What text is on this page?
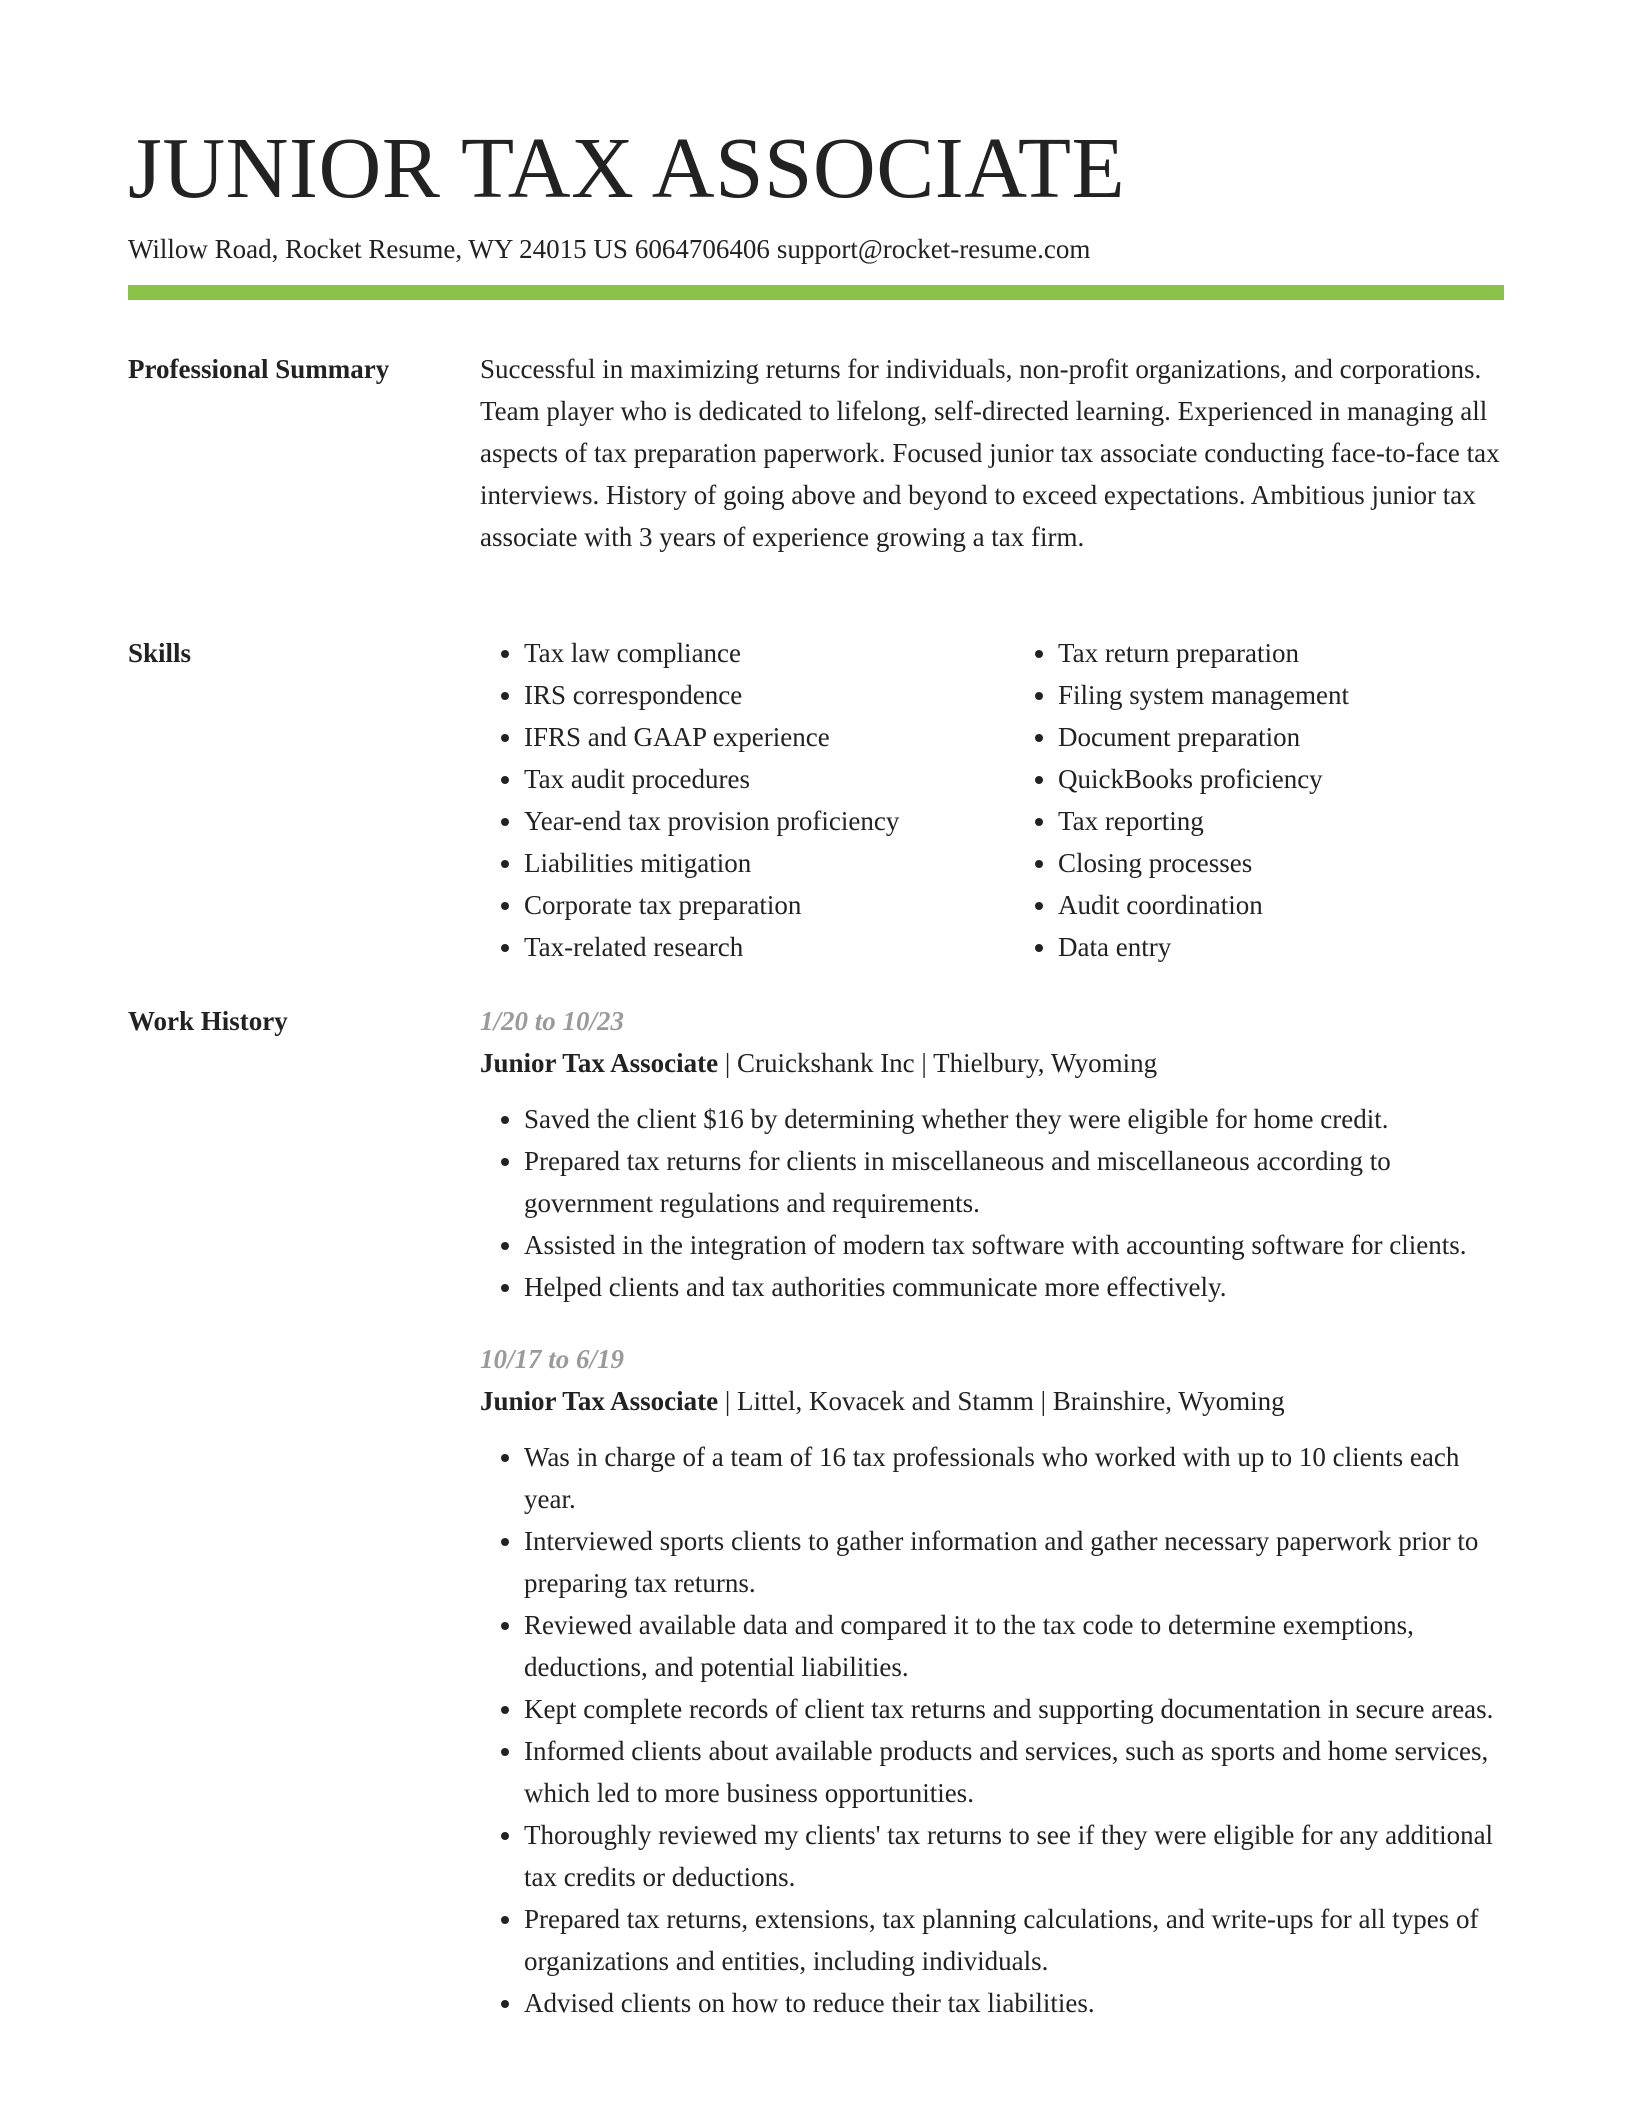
JUNIOR TAX ASSOCIATE
Willow Road, Rocket Resume, WY 24015 US 6064706406 support@rocket-resume.com
Professional Summary	Successful in maximizing returns for individuals, non-profit organizations, and corporations. Team player who is dedicated to lifelong, self-directed learning. Experienced in managing all aspects of tax preparation paperwork. Focused junior tax associate conducting face-to-face tax interviews. History of going above and beyond to exceed expectations. Ambitious junior tax associate with 3 years of experience growing a tax firm.

Skills
•	Tax law compliance
• IRS correspondence
• IFRS and GAAP experience
• Tax audit procedures
• Year-end tax provision proficiency
• Liabilities mitigation
• Corporate tax preparation
• Tax-related research
• Tax return preparation
• Filing system management
• Document preparation
• QuickBooks proficiency
• Tax reporting
• Closing processes
• Audit coordination
• Data entry
Work History	1/20 to 10/23
Junior Tax Associate | Cruickshank Inc | Thielbury, Wyoming
• Saved the client $16 by determining whether they were eligible for home credit.
• Prepared tax returns for clients in miscellaneous and miscellaneous according to government regulations and requirements.
• Assisted in the integration of modern tax software with accounting software for clients.
• Helped clients and tax authorities communicate more effectively.
10/17 to 6/19
Junior Tax Associate | Littel, Kovacek and Stamm | Brainshire, Wyoming
• Was in charge of a team of 16 tax professionals who worked with up to 10 clients each year.
• Interviewed sports clients to gather information and gather necessary paperwork prior to preparing tax returns.
• Reviewed available data and compared it to the tax code to determine exemptions, deductions, and potential liabilities.
• Kept complete records of client tax returns and supporting documentation in secure areas.
• Informed clients about available products and services, such as sports and home services, which led to more business opportunities.
• Thoroughly reviewed my clients' tax returns to see if they were eligible for any additional tax credits or deductions.
• Prepared tax returns, extensions, tax planning calculations, and write-ups for all types of organizations and entities, including individuals.
• Advised clients on how to reduce their tax liabilities.
